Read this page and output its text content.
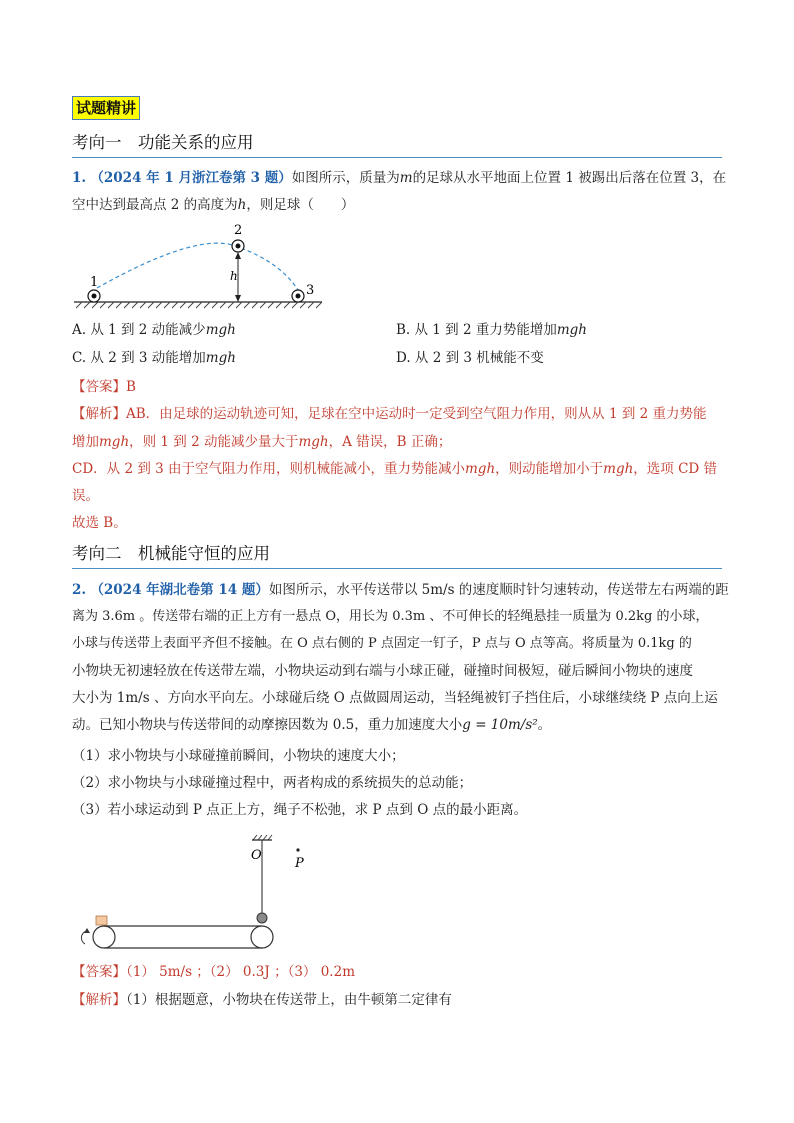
试题精讲
考向一　功能关系的应用
1. （2024 年 1 月浙江卷第 3 题）如图所示，质量为m的足球从水平地面上位置 1 被踢出后落在位置 3，在
空中达到最高点 2 的高度为h，则足球（　　）
1
2
3
h
A. 从 1 到 2 动能减少mgh	B. 从 1 到 2 重力势能增加mgh
C. 从 2 到 3 动能增加mgh	D. 从 2 到 3 机械能不变
【答案】B
【解析】AB．由足球的运动轨迹可知，足球在空中运动时一定受到空气阻力作用，则从从 1 到 2 重力势能
增加mgh，则 1 到 2 动能减少量大于mgh，A 错误，B 正确；
CD．从 2 到 3 由于空气阻力作用，则机械能减小，重力势能减小mgh，则动能增加小于mgh，选项 CD 错
误。
故选 B。
考向二　机械能守恒的应用
2. （2024 年湖北卷第 14 题）如图所示，水平传送带以 5m/s 的速度顺时针匀速转动，传送带左右两端的距
离为 3.6m 。传送带右端的正上方有一悬点 O，用长为 0.3m 、不可伸长的轻绳悬挂一质量为 0.2kg 的小球，
小球与传送带上表面平齐但不接触。在 O 点右侧的 P 点固定一钉子，P 点与 O 点等高。将质量为 0.1kg 的
小物块无初速轻放在传送带左端，小物块运动到右端与小球正碰，碰撞时间极短，碰后瞬间小物块的速度
大小为 1m/s 、方向水平向左。小球碰后绕 O 点做圆周运动，当轻绳被钉子挡住后，小球继续绕 P 点向上运
动。已知小物块与传送带间的动摩擦因数为 0.5，重力加速度大小g = 10m/s²。
（1）求小物块与小球碰撞前瞬间，小物块的速度大小；
（2）求小物块与小球碰撞过程中，两者构成的系统损失的总动能；
（3）若小球运动到 P 点正上方，绳子不松弛，求 P 点到 O 点的最小距离。
O
P
【答案】（1） 5m/s ；（2） 0.3J ；（3） 0.2m
【解析】（1）根据题意，小物块在传送带上，由牛顿第二定律有
